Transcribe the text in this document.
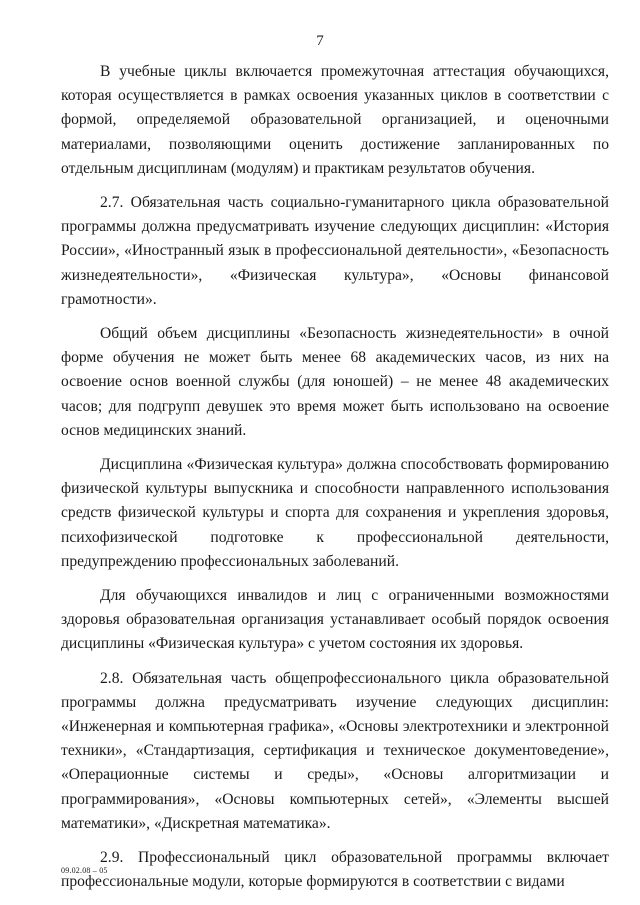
7

В учебные циклы включается промежуточная аттестация обучающихся, которая осуществляется в рамках освоения указанных циклов в соответствии с формой, определяемой образовательной организацией, и оценочными материалами, позволяющими оценить достижение запланированных по отдельным дисциплинам (модулям) и практикам результатов обучения.

2.7. Обязательная часть социально-гуманитарного цикла образовательной программы должна предусматривать изучение следующих дисциплин: «История России», «Иностранный язык в профессиональной деятельности», «Безопасность жизнедеятельности», «Физическая культура», «Основы финансовой грамотности».

Общий объем дисциплины «Безопасность жизнедеятельности» в очной форме обучения не может быть менее 68 академических часов, из них на освоение основ военной службы (для юношей) – не менее 48 академических часов; для подгрупп девушек это время может быть использовано на освоение основ медицинских знаний.

Дисциплина «Физическая культура» должна способствовать формированию физической культуры выпускника и способности направленного использования средств физической культуры и спорта для сохранения и укрепления здоровья, психофизической подготовке к профессиональной деятельности, предупреждению профессиональных заболеваний.

Для обучающихся инвалидов и лиц с ограниченными возможностями здоровья образовательная организация устанавливает особый порядок освоения дисциплины «Физическая культура» с учетом состояния их здоровья.

2.8. Обязательная часть общепрофессионального цикла образовательной программы должна предусматривать изучение следующих дисциплин: «Инженерная и компьютерная графика», «Основы электротехники и электронной техники», «Стандартизация, сертификация и техническое документоведение», «Операционные системы и среды», «Основы алгоритмизации и программирования», «Основы компьютерных сетей», «Элементы высшей математики», «Дискретная математика».

2.9. Профессиональный цикл образовательной программы включает профессиональные модули, которые формируются в соответствии с видами

09.02.08 – 05
